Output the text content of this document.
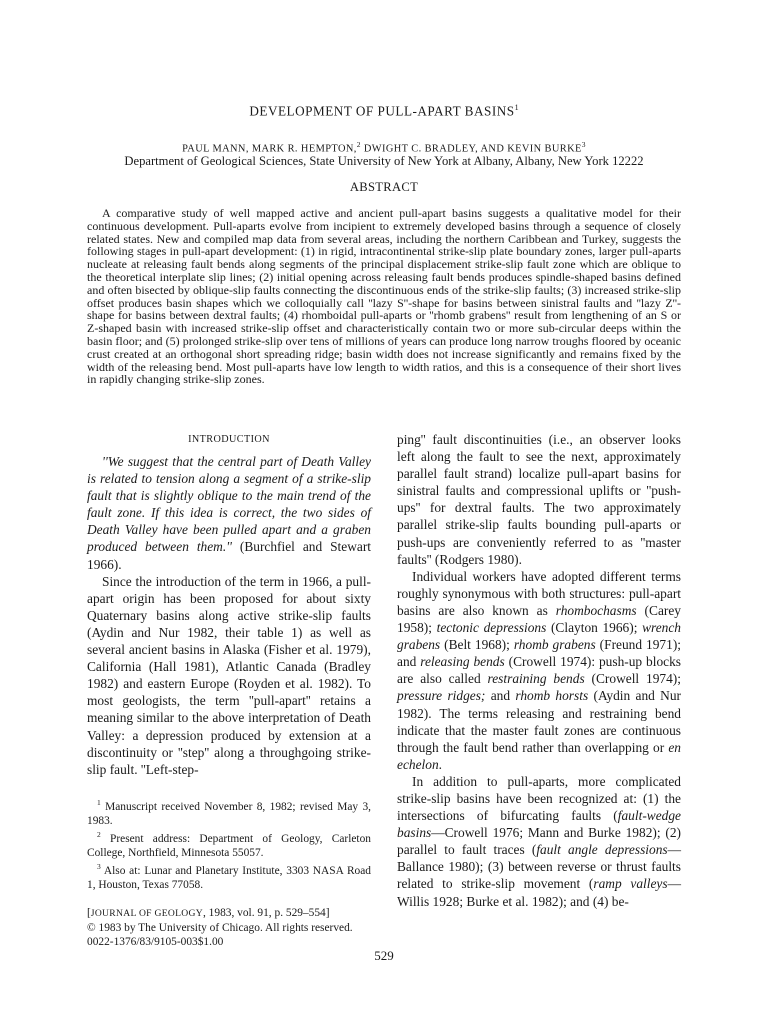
DEVELOPMENT OF PULL-APART BASINS$^1$
PAUL MANN, MARK R. HEMPTON,$^2$ DWIGHT C. BRADLEY, AND KEVIN BURKE$^3$
Department of Geological Sciences, State University of New York at Albany, Albany, New York 12222
ABSTRACT

A comparative study of well mapped active and ancient pull-apart basins suggests a qualitative model for their continuous development. Pull-aparts evolve from incipient to extremely developed basins through a sequence of closely related states. New and compiled map data from several areas, including the northern Caribbean and Turkey, suggests the following stages in pull-apart development: (1) in rigid, intracontinental strike-slip plate boundary zones, larger pull-aparts nucleate at releasing fault bends along segments of the principal displacement strike-slip fault zone which are oblique to the theoretical interplate slip lines; (2) initial opening across releasing fault bends produces spindle-shaped basins defined and often bisected by oblique-slip faults connecting the discontinuous ends of the strike-slip faults; (3) increased strike-slip offset produces basin shapes which we colloquially call ''lazy S''-shape for basins between sinistral faults and ''lazy Z''-shape for basins between dextral faults; (4) rhomboidal pull-aparts or ''rhomb grabens'' result from lengthening of an S or Z-shaped basin with increased strike-slip offset and characteristically contain two or more sub-circular deeps within the basin floor; and (5) prolonged strike-slip over tens of millions of years can produce long narrow troughs floored by oceanic crust created at an orthogonal short spreading ridge; basin width does not increase significantly and remains fixed by the width of the releasing bend. Most pull-aparts have low length to width ratios, and this is a consequence of their short lives in rapidly changing strike-slip zones.

INTRODUCTION

''We suggest that the central part of Death Valley is related to tension along a segment of a strike-slip fault that is slightly oblique to the main trend of the fault zone. If this idea is correct, the two sides of Death Valley have been pulled apart and a graben produced between them.'' (Burchfiel and Stewart 1966).

Since the introduction of the term in 1966, a pull-apart origin has been proposed for about sixty Quaternary basins along active strike-slip faults (Aydin and Nur 1982, their table 1) as well as several ancient basins in Alaska (Fisher et al. 1979), California (Hall 1981), Atlantic Canada (Bradley 1982) and eastern Europe (Royden et al. 1982). To most geologists, the term ''pull-apart'' retains a meaning similar to the above interpretation of Death Valley: a depression produced by extension at a discontinuity or ''step'' along a throughgoing strike-slip fault. ''Left-step-

$^1$ Manuscript received November 8, 1982; revised May 3, 1983.

$^2$ Present address: Department of Geology, Carleton College, Northfield, Minnesota 55057.

$^3$ Also at: Lunar and Planetary Institute, 3303 NASA Road 1, Houston, Texas 77058.

[JOURNAL OF GEOLOGY, 1983, vol. 91, p. 529–554]

© 1983 by The University of Chicago. All rights reserved.

0022-1376/83/9105-003$1.00

ping'' fault discontinuities (i.e., an observer looks left along the fault to see the next, approximately parallel fault strand) localize pull-apart basins for sinistral faults and compressional uplifts or ''push-ups'' for dextral faults. The two approximately parallel strike-slip faults bounding pull-aparts or push-ups are conveniently referred to as ''master faults'' (Rodgers 1980).

Individual workers have adopted different terms roughly synonymous with both structures: pull-apart basins are also known as rhombochasms (Carey 1958); tectonic depressions (Clayton 1966); wrench grabens (Belt 1968); rhomb grabens (Freund 1971); and releasing bends (Crowell 1974): push-up blocks are also called restraining bends (Crowell 1974); pressure ridges; and rhomb horsts (Aydin and Nur 1982). The terms releasing and restraining bend indicate that the master fault zones are continuous through the fault bend rather than overlapping or en echelon.

In addition to pull-aparts, more complicated strike-slip basins have been recognized at: (1) the intersections of bifurcating faults (fault-wedge basins—Crowell 1976; Mann and Burke 1982); (2) parallel to fault traces (fault angle depressions—Ballance 1980); (3) between reverse or thrust faults related to strike-slip movement (ramp valleys— Willis 1928; Burke et al. 1982); and (4) be-

529
